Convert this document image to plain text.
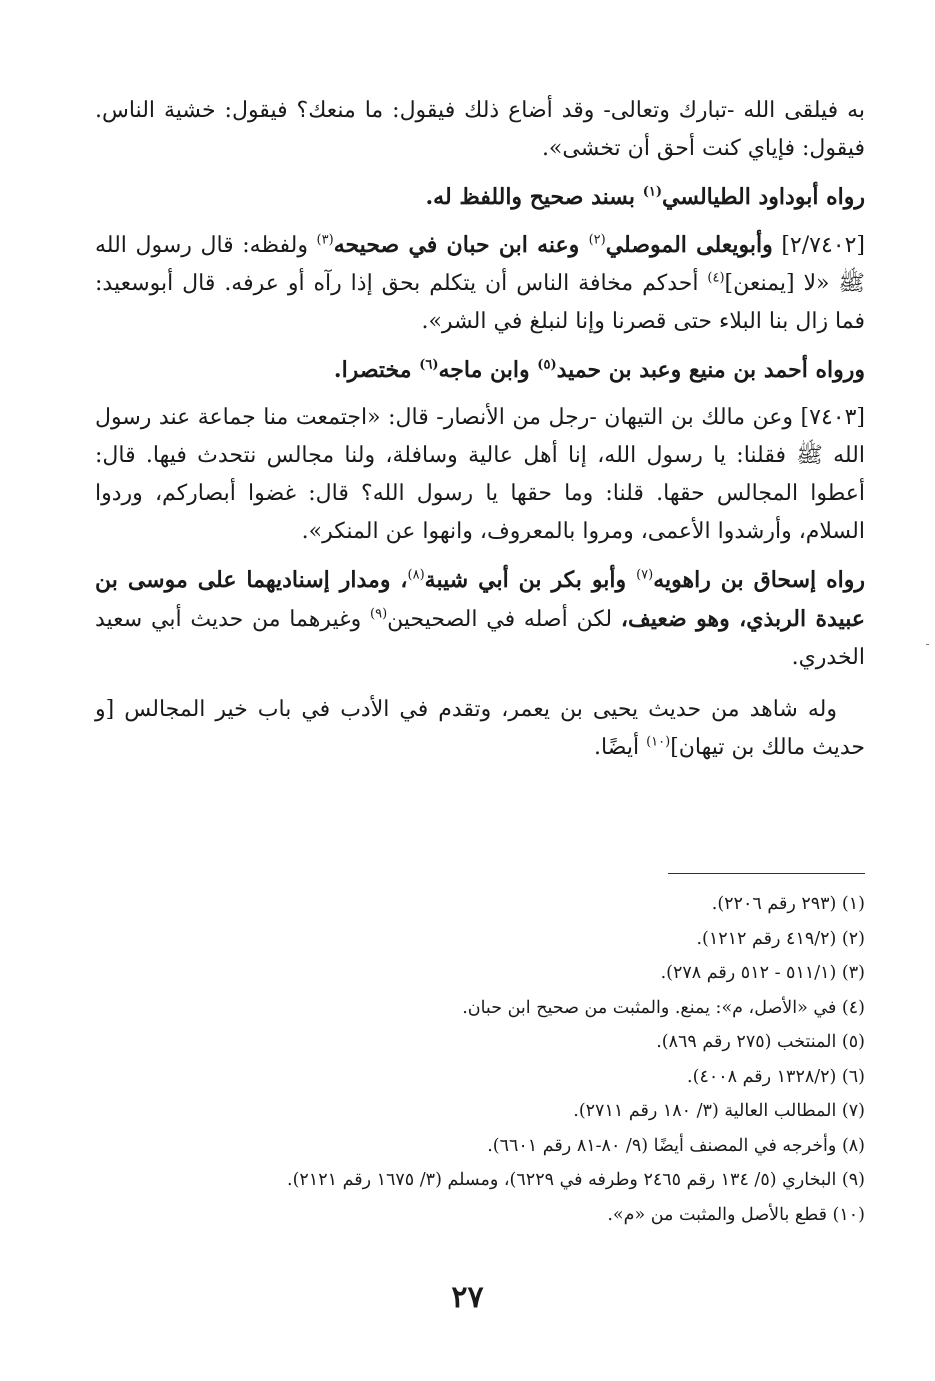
به فيلقى الله -تبارك وتعالى- وقد أضاع ذلك فيقول: ما منعك؟ فيقول: خشية الناس. فيقول: فإياي كنت أحق أن تخشى».

رواه أبوداود الطيالسي$^{(١)}$ بسند صحيح واللفظ له.

[٢/٧٤٠٢] وأبويعلى الموصلي$^{(٢)}$ وعنه ابن حبان في صحيحه$^{(٣)}$ ولفظه: قال رسول الله ﷺ «لا [يمنعن]$^{(٤)}$ أحدكم مخافة الناس أن يتكلم بحق إذا رآه أو عرفه. قال أبوسعيد: فما زال بنا البلاء حتى قصرنا وإنا لنبلغ في الشر».

ورواه أحمد بن منيع وعبد بن حميد$^{(٥)}$ وابن ماجه$^{(٦)}$ مختصرا.

[٧٤٠٣] وعن مالك بن التيهان -رجل من الأنصار- قال: «اجتمعت منا جماعة عند رسول الله ﷺ فقلنا: يا رسول الله، إنا أهل عالية وسافلة، ولنا مجالس نتحدث فيها. قال: أعطوا المجالس حقها. قلنا: وما حقها يا رسول الله؟ قال: غضوا أبصاركم، وردوا السلام، وأرشدوا الأعمى، ومروا بالمعروف، وانهوا عن المنكر».

رواه إسحاق بن راهويه$^{(٧)}$ وأبو بكر بن أبي شيبة$^{(٨)}$، ومدار إسناديهما على موسى بن عبيدة الربذي، وهو ضعيف، لكن أصله في الصحيحين$^{(٩)}$ وغيرهما من حديث أبي سعيد الخدري.

وله شاهد من حديث يحيى بن يعمر، وتقدم في الأدب في باب خير المجالس [و حديث مالك بن تيهان]$^{(١٠)}$ أيضًا.

(١) (٢٩٣ رقم ٢٢٠٦).

(٢) (٤١٩/٢ رقم ١٢١٢).

(٣) (٥١١/١ - ٥١٢ رقم ٢٧٨).

(٤) في «الأصل، م»: يمنع. والمثبت من صحيح ابن حبان.

(٥) المنتخب (٢٧٥ رقم ٨٦٩).

(٦) (١٣٢٨/٢ رقم ٤٠٠٨).

(٧) المطالب العالية (٣/ ١٨٠ رقم ٢٧١١).

(٨) وأخرجه في المصنف أيضًا (٩/ ٨٠-٨١ رقم ٦٦٠١).

(٩) البخاري (٥/ ١٣٤ رقم ٢٤٦٥ وطرفه في ٦٢٢٩)، ومسلم (٣/ ١٦٧٥ رقم ٢١٢١).

(١٠) قطع بالأصل والمثبت من «م».

٢٧
